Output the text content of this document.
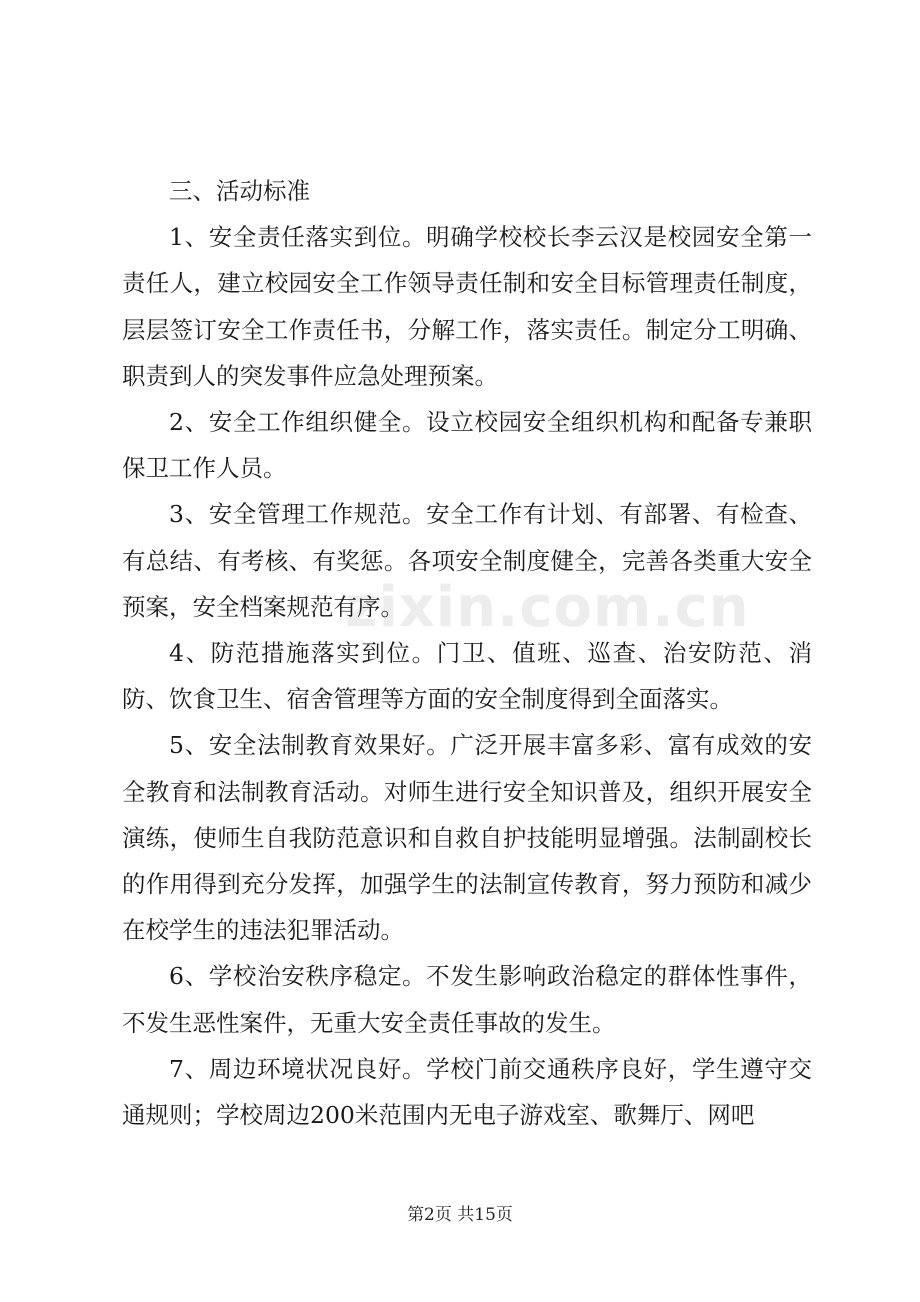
zixin.com.cn

三、活动标准

1、安全责任落实到位。明确学校校长李云汉是校园安全第一责任人，建立校园安全工作领导责任制和安全目标管理责任制度，层层签订安全工作责任书，分解工作，落实责任。制定分工明确、职责到人的突发事件应急处理预案。

2、安全工作组织健全。设立校园安全组织机构和配备专兼职保卫工作人员。

3、安全管理工作规范。安全工作有计划、有部署、有检查、有总结、有考核、有奖惩。各项安全制度健全，完善各类重大安全预案，安全档案规范有序。

4、防范措施落实到位。门卫、值班、巡查、治安防范、消防、饮食卫生、宿舍管理等方面的安全制度得到全面落实。

5、安全法制教育效果好。广泛开展丰富多彩、富有成效的安全教育和法制教育活动。对师生进行安全知识普及，组织开展安全演练，使师生自我防范意识和自救自护技能明显增强。法制副校长的作用得到充分发挥，加强学生的法制宣传教育，努力预防和减少在校学生的违法犯罪活动。

6、学校治安秩序稳定。不发生影响政治稳定的群体性事件，不发生恶性案件，无重大安全责任事故的发生。

7、周边环境状况良好。学校门前交通秩序良好，学生遵守交通规则；学校周边200米范围内无电子游戏室、歌舞厅、网吧

第2页 共15页
